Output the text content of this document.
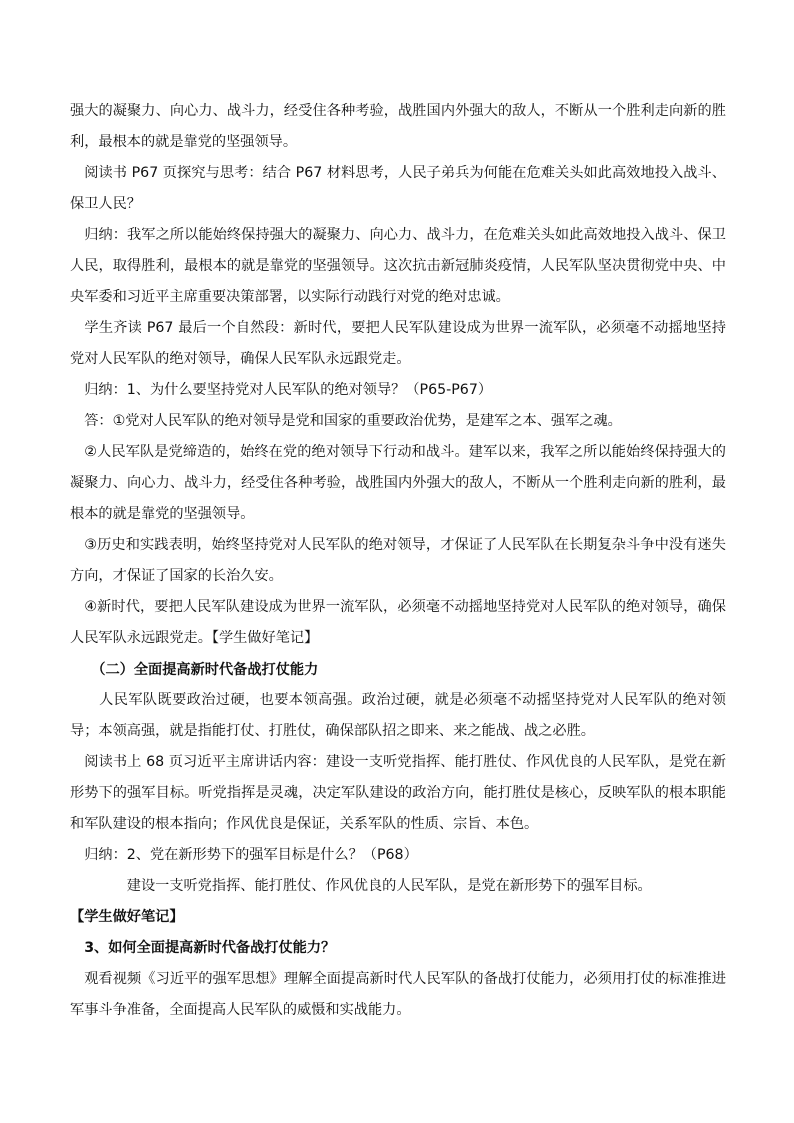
强大的凝聚力、向心力、战斗力，经受住各种考验，战胜国内外强大的敌人，不断从一个胜利走向新的胜利，最根本的就是靠党的坚强领导。

　阅读书 P67 页探究与思考：结合 P67 材料思考，人民子弟兵为何能在危难关头如此高效地投入战斗、保卫人民？

　归纳：我军之所以能始终保持强大的凝聚力、向心力、战斗力，在危难关头如此高效地投入战斗、保卫人民，取得胜利，最根本的就是靠党的坚强领导。这次抗击新冠肺炎疫情，人民军队坚决贯彻党中央、中央军委和习近平主席重要决策部署，以实际行动践行对党的绝对忠诚。

　学生齐读 P67 最后一个自然段：新时代，要把人民军队建设成为世界一流军队，必须毫不动摇地坚持党对人民军队的绝对领导，确保人民军队永远跟党走。

　归纳：1、为什么要坚持党对人民军队的绝对领导？（P65-P67）

　答：①党对人民军队的绝对领导是党和国家的重要政治优势，是建军之本、强军之魂。

　②人民军队是党缔造的，始终在党的绝对领导下行动和战斗。建军以来，我军之所以能始终保持强大的凝聚力、向心力、战斗力，经受住各种考验，战胜国内外强大的敌人，不断从一个胜利走向新的胜利，最根本的就是靠党的坚强领导。

　③历史和实践表明，始终坚持党对人民军队的绝对领导，才保证了人民军队在长期复杂斗争中没有迷失方向，才保证了国家的长治久安。

　④新时代，要把人民军队建设成为世界一流军队，必须毫不动摇地坚持党对人民军队的绝对领导，确保人民军队永远跟党走。【学生做好笔记】

　　（二）全面提高新时代备战打仗能力

　　人民军队既要政治过硬，也要本领高强。政治过硬，就是必须毫不动摇坚持党对人民军队的绝对领导；本领高强，就是指能打仗、打胜仗，确保部队招之即来、来之能战、战之必胜。

　阅读书上 68 页习近平主席讲话内容：建设一支听党指挥、能打胜仗、作风优良的人民军队，是党在新形势下的强军目标。听党指挥是灵魂，决定军队建设的政治方向，能打胜仗是核心，反映军队的根本职能和军队建设的根本指向；作风优良是保证，关系军队的性质、宗旨、本色。

　归纳：2、党在新形势下的强军目标是什么？（P68）

　　　　建设一支听党指挥、能打胜仗、作风优良的人民军队，是党在新形势下的强军目标。

【学生做好笔记】

　3、如何全面提高新时代备战打仗能力？

　观看视频《习近平的强军思想》理解全面提高新时代人民军队的备战打仗能力，必须用打仗的标准推进军事斗争准备，全面提高人民军队的威慑和实战能力。
